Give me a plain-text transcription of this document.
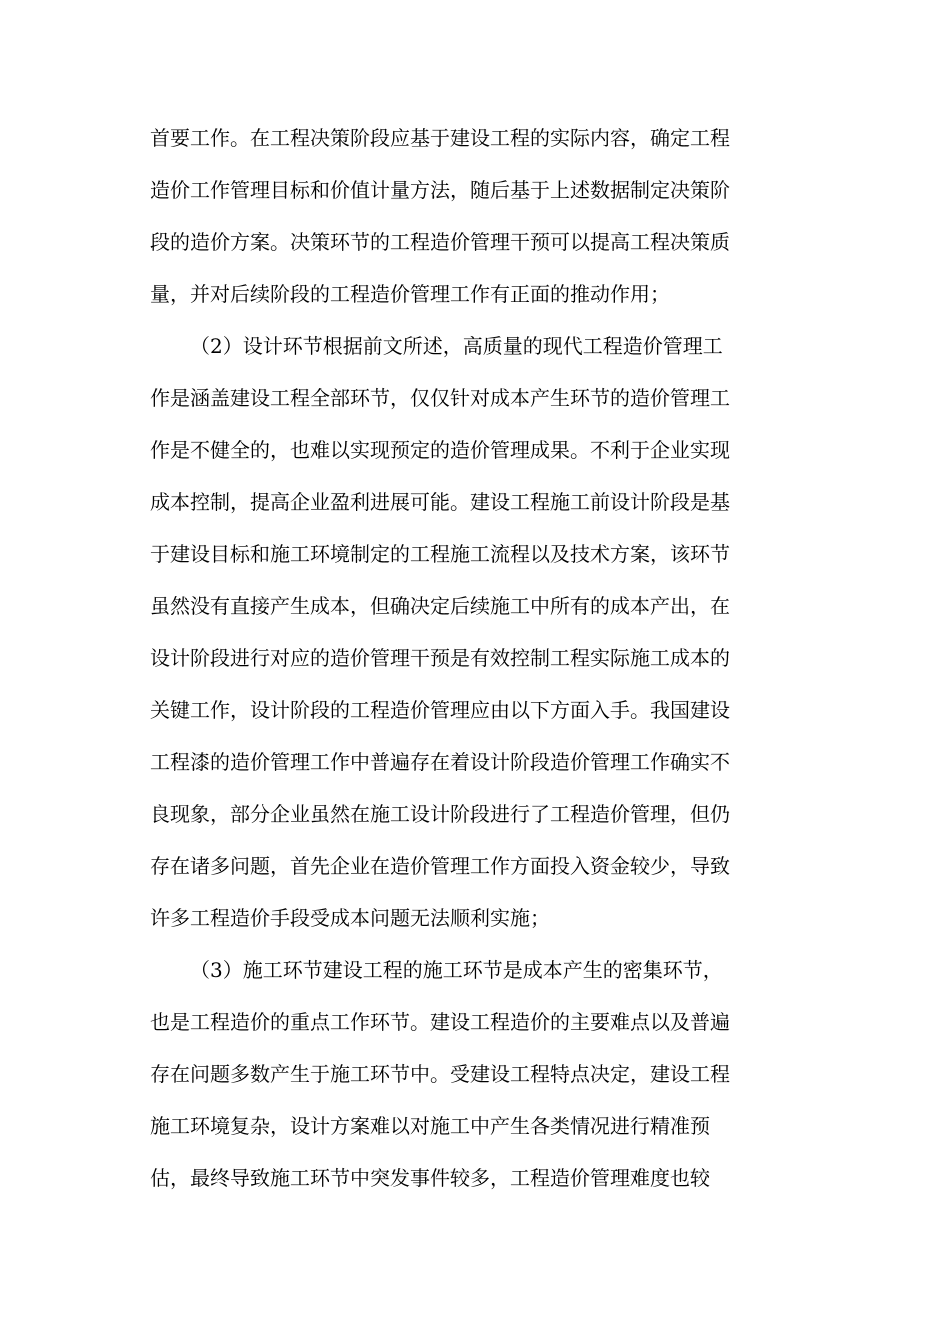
首要工作。在工程决策阶段应基于建设工程的实际内容，确定工程
造价工作管理目标和价值计量方法，随后基于上述数据制定决策阶
段的造价方案。决策环节的工程造价管理干预可以提高工程决策质
量，并对后续阶段的工程造价管理工作有正面的推动作用；
（2）设计环节根据前文所述，高质量的现代工程造价管理工
作是涵盖建设工程全部环节，仅仅针对成本产生环节的造价管理工
作是不健全的，也难以实现预定的造价管理成果。不利于企业实现
成本控制，提高企业盈利进展可能。建设工程施工前设计阶段是基
于建设目标和施工环境制定的工程施工流程以及技术方案，该环节
虽然没有直接产生成本，但确决定后续施工中所有的成本产出，在
设计阶段进行对应的造价管理干预是有效控制工程实际施工成本的
关键工作，设计阶段的工程造价管理应由以下方面入手。我国建设
工程漆的造价管理工作中普遍存在着设计阶段造价管理工作确实不
良现象，部分企业虽然在施工设计阶段进行了工程造价管理，但仍
存在诸多问题，首先企业在造价管理工作方面投入资金较少，导致
许多工程造价手段受成本问题无法顺利实施；
（3）施工环节建设工程的施工环节是成本产生的密集环节，
也是工程造价的重点工作环节。建设工程造价的主要难点以及普遍
存在问题多数产生于施工环节中。受建设工程特点决定，建设工程
施工环境复杂，设计方案难以对施工中产生各类情况进行精准预
估，最终导致施工环节中突发事件较多，工程造价管理难度也较
